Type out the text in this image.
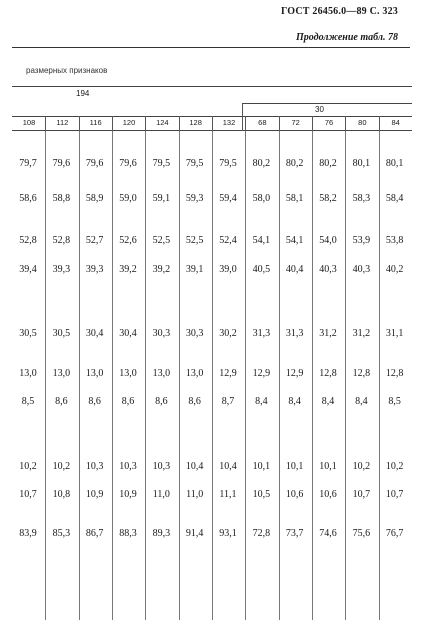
ГОСТ 26456.0—89 С. 323
Продолжение табл. 78
размерных признаков
194
30
108	112	116	120	124	128	132	68	72	76	80	84
79,7	79,6	79,6	79,6	79,5	79,5	79,5	80,2	80,2	80,2	80,1	80,1
58,6	58,8	58,9	59,0	59,1	59,3	59,4	58,0	58,1	58,2	58,3	58,4
52,8	52,8	52,7	52,6	52,5	52,5	52,4	54,1	54,1	54,0	53,9	53,8
39,4	39,3	39,3	39,2	39,2	39,1	39,0	40,5	40,4	40,3	40,3	40,2
30,5	30,5	30,4	30,4	30,3	30,3	30,2	31,3	31,3	31,2	31,2	31,1
13,0	13,0	13,0	13,0	13,0	13,0	12,9	12,9	12,9	12,8	12,8	12,8
8,5	8,6	8,6	8,6	8,6	8,6	8,7	8,4	8,4	8,4	8,4	8,5
10,2	10,2	10,3	10,3	10,3	10,4	10,4	10,1	10,1	10,1	10,2	10,2
10,7	10,8	10,9	10,9	11,0	11,0	11,1	10,5	10,6	10,6	10,7	10,7
83,9	85,3	86,7	88,3	89,3	91,4	93,1	72,8	73,7	74,6	75,6	76,7
